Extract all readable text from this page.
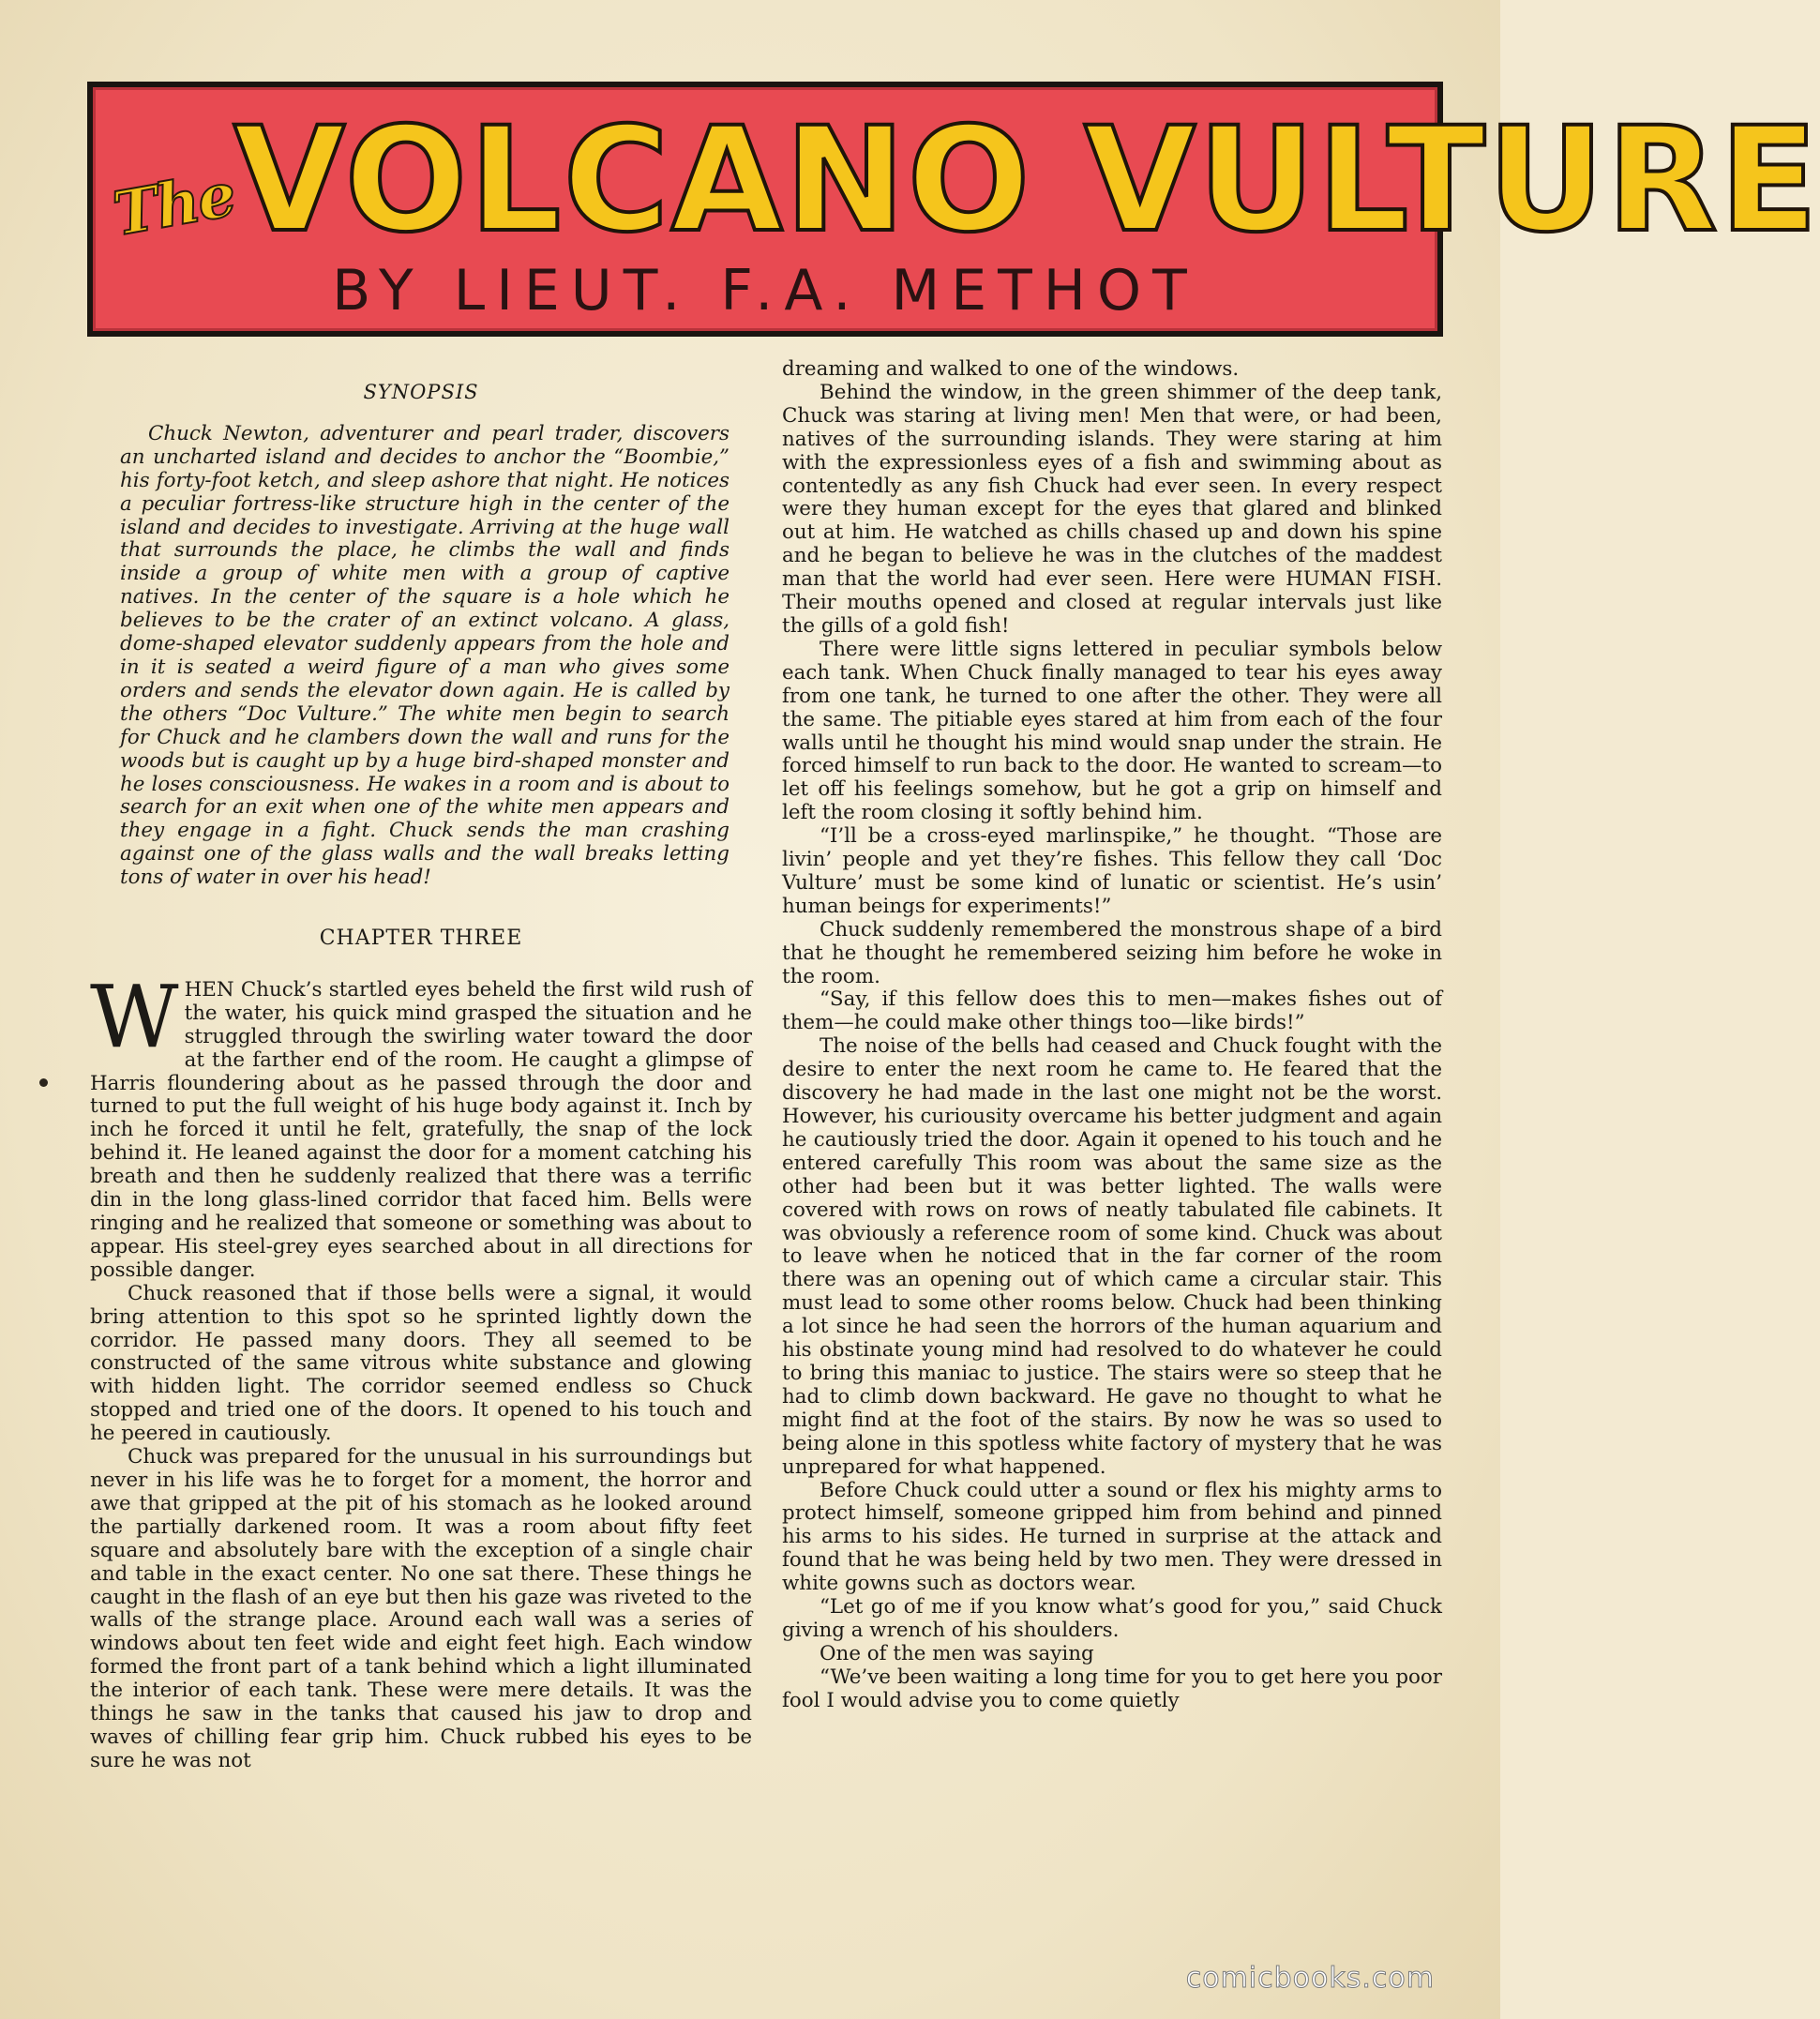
The
VOLCANO VULTURE
BY LIEUT. F.A. METHOT
SYNOPSIS

Chuck Newton, adventurer and pearl trader, discovers an uncharted island and decides to anchor the “Boombie,” his forty-foot ketch, and sleep ashore that night. He notices a peculiar fortress-like structure high in the center of the island and decides to investigate. Arriving at the huge wall that surrounds the place, he climbs the wall and finds inside a group of white men with a group of captive natives. In the center of the square is a hole which he believes to be the crater of an extinct volcano. A glass, dome-shaped elevator suddenly appears from the hole and in it is seated a weird figure of a man who gives some orders and sends the elevator down again. He is called by the others “Doc Vulture.” The white men begin to search for Chuck and he clambers down the wall and runs for the woods but is caught up by a huge bird-shaped monster and he loses consciousness. He wakes in a room and is about to search for an exit when one of the white men appears and they engage in a fight. Chuck sends the man crashing against one of the glass walls and the wall breaks letting tons of water in over his head!

CHAPTER THREE

WHEN Chuck’s startled eyes beheld the first wild rush of the water, his quick mind grasped the situation and he struggled through the swirling water toward the door at the farther end of the room. He caught a glimpse of Harris floundering about as he passed through the door and turned to put the full weight of his huge body against it. Inch by inch he forced it until he felt, gratefully, the snap of the lock behind it. He leaned against the door for a moment catching his breath and then he suddenly realized that there was a terrific din in the long glass-lined corridor that faced him. Bells were ringing and he realized that someone or something was about to appear. His steel-grey eyes searched about in all directions for possible danger.

Chuck reasoned that if those bells were a signal, it would bring attention to this spot so he sprinted lightly down the corridor. He passed many doors. They all seemed to be constructed of the same vitrous white substance and glowing with hidden light. The corridor seemed endless so Chuck stopped and tried one of the doors. It opened to his touch and he peered in cautiously.

Chuck was prepared for the unusual in his surroundings but never in his life was he to forget for a moment, the horror and awe that gripped at the pit of his stomach as he looked around the partially darkened room. It was a room about fifty feet square and absolutely bare with the exception of a single chair and table in the exact center. No one sat there. These things he caught in the flash of an eye but then his gaze was riveted to the walls of the strange place. Around each wall was a series of windows about ten feet wide and eight feet high. Each window formed the front part of a tank behind which a light illuminated the interior of each tank. These were mere details. It was the things he saw in the tanks that caused his jaw to drop and waves of chilling fear grip him. Chuck rubbed his eyes to be sure he was not

dreaming and walked to one of the windows.

Behind the window, in the green shimmer of the deep tank, Chuck was staring at living men! Men that were, or had been, natives of the surrounding islands. They were staring at him with the expressionless eyes of a fish and swimming about as contentedly as any fish Chuck had ever seen. In every respect were they human except for the eyes that glared and blinked out at him. He watched as chills chased up and down his spine and he began to believe he was in the clutches of the maddest man that the world had ever seen. Here were HUMAN FISH. Their mouths opened and closed at regular intervals just like the gills of a gold fish!

There were little signs lettered in peculiar symbols below each tank. When Chuck finally managed to tear his eyes away from one tank, he turned to one after the other. They were all the same. The pitiable eyes stared at him from each of the four walls until he thought his mind would snap under the strain. He forced himself to run back to the door. He wanted to scream—to let off his feelings somehow, but he got a grip on himself and left the room closing it softly behind him.

“I’ll be a cross-eyed marlinspike,” he thought. “Those are livin’ people and yet they’re fishes. This fellow they call ‘Doc Vulture’ must be some kind of lunatic or scientist. He’s usin’ human beings for experiments!”

Chuck suddenly remembered the monstrous shape of a bird that he thought he remembered seizing him before he woke in the room.

“Say, if this fellow does this to men—makes fishes out of them—he could make other things too—like birds!”

The noise of the bells had ceased and Chuck fought with the desire to enter the next room he came to. He feared that the discovery he had made in the last one might not be the worst. However, his curiousity overcame his better judgment and again he cautiously tried the door. Again it opened to his touch and he entered carefully This room was about the same size as the other had been but it was better lighted. The walls were covered with rows on rows of neatly tabulated file cabinets. It was obviously a reference room of some kind. Chuck was about to leave when he noticed that in the far corner of the room there was an opening out of which came a circular stair. This must lead to some other rooms below. Chuck had been thinking a lot since he had seen the horrors of the human aquarium and his obstinate young mind had resolved to do whatever he could to bring this maniac to justice. The stairs were so steep that he had to climb down backward. He gave no thought to what he might find at the foot of the stairs. By now he was so used to being alone in this spotless white factory of mystery that he was unprepared for what happened.

Before Chuck could utter a sound or flex his mighty arms to protect himself, someone gripped him from behind and pinned his arms to his sides. He turned in surprise at the attack and found that he was being held by two men. They were dressed in white gowns such as doctors wear.

“Let go of me if you know what’s good for you,” said Chuck giving a wrench of his shoulders.

One of the men was saying

“We’ve been waiting a long time for you to get here you poor fool I would advise you to come quietly

comicbooks.com
